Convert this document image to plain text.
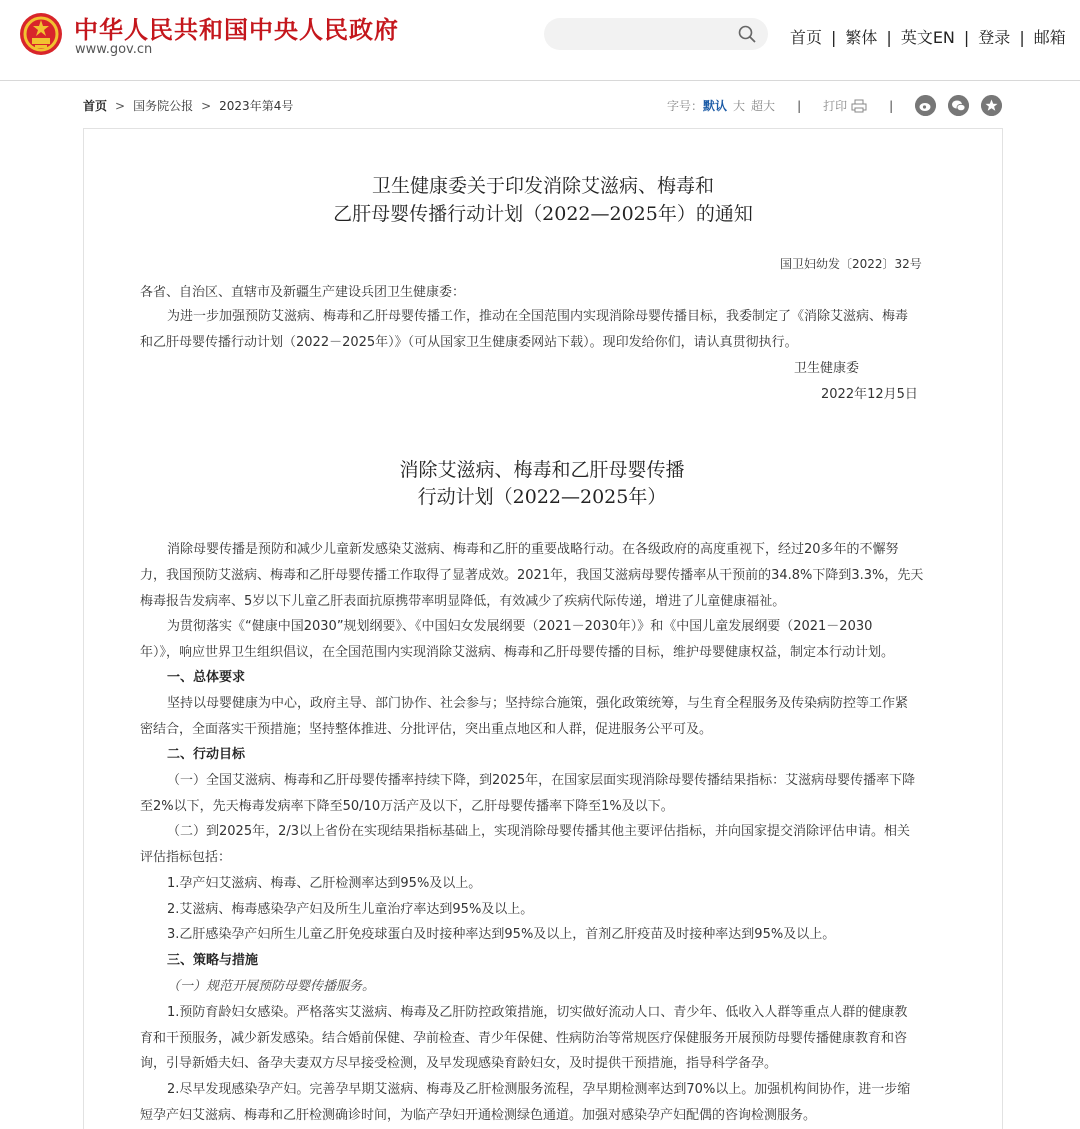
中华人民共和国中央人民政府
www.gov.cn
首页 | 繁体 | 英文EN | 登录 | 邮箱
首页 > 国务院公报 > 2023年第4号	字号：默认 大 超大 | 打印	|
卫生健康委关于印发消除艾滋病、梅毒和
乙肝母婴传播行动计划（2022—2025年）的通知
国卫妇幼发〔2022〕32号
各省、自治区、直辖市及新疆生产建设兵团卫生健康委：
为进一步加强预防艾滋病、梅毒和乙肝母婴传播工作，推动在全国范围内实现消除母婴传播目标，我委制定了《消除艾滋病、梅毒
和乙肝母婴传播行动计划（2022－2025年）》（可从国家卫生健康委网站下载）。现印发给你们，请认真贯彻执行。
卫生健康委
2022年12月5日
消除艾滋病、梅毒和乙肝母婴传播
行动计划（2022—2025年）
消除母婴传播是预防和减少儿童新发感染艾滋病、梅毒和乙肝的重要战略行动。在各级政府的高度重视下，经过20多年的不懈努
力，我国预防艾滋病、梅毒和乙肝母婴传播工作取得了显著成效。2021年，我国艾滋病母婴传播率从干预前的34.8%下降到3.3%，先天
梅毒报告发病率、5岁以下儿童乙肝表面抗原携带率明显降低，有效减少了疾病代际传递，增进了儿童健康福祉。
为贯彻落实《“健康中国2030”规划纲要》、《中国妇女发展纲要（2021－2030年）》和《中国儿童发展纲要（2021－2030
年）》，响应世界卫生组织倡议，在全国范围内实现消除艾滋病、梅毒和乙肝母婴传播的目标，维护母婴健康权益，制定本行动计划。
一、总体要求
坚持以母婴健康为中心，政府主导、部门协作、社会参与；坚持综合施策，强化政策统筹，与生育全程服务及传染病防控等工作紧
密结合，全面落实干预措施；坚持整体推进、分批评估，突出重点地区和人群，促进服务公平可及。
二、行动目标
（一）全国艾滋病、梅毒和乙肝母婴传播率持续下降，到2025年，在国家层面实现消除母婴传播结果指标：艾滋病母婴传播率下降
至2%以下，先天梅毒发病率下降至50/10万活产及以下，乙肝母婴传播率下降至1%及以下。
（二）到2025年，2/3以上省份在实现结果指标基础上，实现消除母婴传播其他主要评估指标，并向国家提交消除评估申请。相关
评估指标包括：
1.孕产妇艾滋病、梅毒、乙肝检测率达到95%及以上。
2.艾滋病、梅毒感染孕产妇及所生儿童治疗率达到95%及以上。
3.乙肝感染孕产妇所生儿童乙肝免疫球蛋白及时接种率达到95%及以上，首剂乙肝疫苗及时接种率达到95%及以上。
三、策略与措施
（一）规范开展预防母婴传播服务。
1.预防育龄妇女感染。严格落实艾滋病、梅毒及乙肝防控政策措施，切实做好流动人口、青少年、低收入人群等重点人群的健康教
育和干预服务，减少新发感染。结合婚前保健、孕前检查、青少年保健、性病防治等常规医疗保健服务开展预防母婴传播健康教育和咨
询，引导新婚夫妇、备孕夫妻双方尽早接受检测，及早发现感染育龄妇女，及时提供干预措施，指导科学备孕。
2.尽早发现感染孕产妇。完善孕早期艾滋病、梅毒及乙肝检测服务流程，孕早期检测率达到70%以上。加强机构间协作，进一步缩
短孕产妇艾滋病、梅毒和乙肝检测确诊时间，为临产孕妇开通检测绿色通道。加强对感染孕产妇配偶的咨询检测服务。
